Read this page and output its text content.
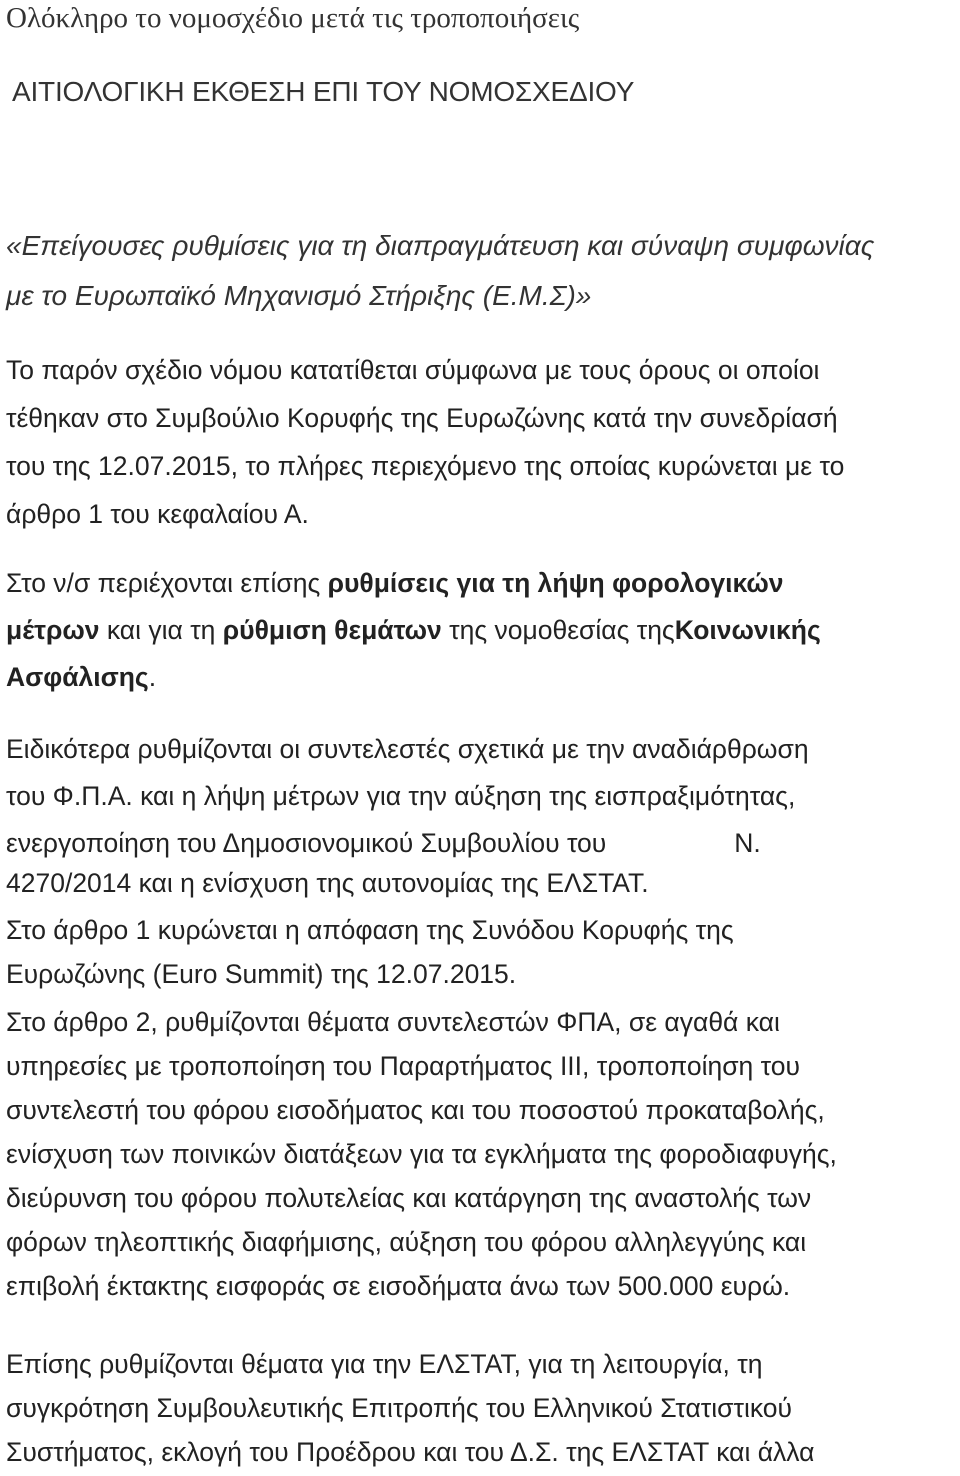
Ολόκληρο το νομοσχέδιο μετά τις τροποποιήσεις
ΑΙΤΙΟΛΟΓΙΚΗ ΕΚΘΕΣΗ ΕΠΙ ΤΟΥ ΝΟΜΟΣΧΕΔΙΟΥ
«Επείγουσες ρυθμίσεις για τη διαπραγμάτευση και σύναψη συμφωνίας
με το Ευρωπαϊκό Μηχανισμό Στήριξης (Ε.Μ.Σ)»
Το παρόν σχέδιο νόμου κατατίθεται σύμφωνα με τους όρους οι οποίοι
τέθηκαν στο Συμβούλιο Κορυφής της Ευρωζώνης κατά την συνεδρίασή
του της 12.07.2015, το πλήρες περιεχόμενο της οποίας κυρώνεται με το
άρθρο 1 του κεφαλαίου Α.
Στο ν/σ περιέχονται επίσης ρυθμίσεις για τη λήψη φορολογικών
μέτρων και για τη ρύθμιση θεμάτων της νομοθεσίας τηςΚοινωνικής
Ασφάλισης.
Ειδικότερα ρυθμίζονται οι συντελεστές σχετικά με την αναδιάρθρωση
του Φ.Π.Α. και η λήψη μέτρων για την αύξηση της εισπραξιμότητας,
ενεργοποίηση του Δημοσιονομικού Συμβουλίου του	Ν.
4270/2014 και η ενίσχυση της αυτονομίας της ΕΛΣΤΑΤ.
Στο άρθρο 1 κυρώνεται η απόφαση της Συνόδου Κορυφής της
Ευρωζώνης (Euro Summit) της 12.07.2015.
Στο άρθρο 2, ρυθμίζονται θέματα συντελεστών ΦΠΑ, σε αγαθά και
υπηρεσίες με τροποποίηση του Παραρτήματος ΙΙΙ, τροποποίηση του
συντελεστή του φόρου εισοδήματος και του ποσοστού προκαταβολής,
ενίσχυση των ποινικών διατάξεων για τα εγκλήματα της φοροδιαφυγής,
διεύρυνση του φόρου πολυτελείας και κατάργηση της αναστολής των
φόρων τηλεοπτικής διαφήμισης, αύξηση του φόρου αλληλεγγύης και
επιβολή έκτακτης εισφοράς σε εισοδήματα άνω των 500.000 ευρώ.
Επίσης ρυθμίζονται θέματα για την ΕΛΣΤΑΤ, για τη λειτουργία, τη
συγκρότηση Συμβουλευτικής Επιτροπής του Ελληνικού Στατιστικού
Συστήματος, εκλογή του Προέδρου και του Δ.Σ. της ΕΛΣΤΑΤ και άλλα
